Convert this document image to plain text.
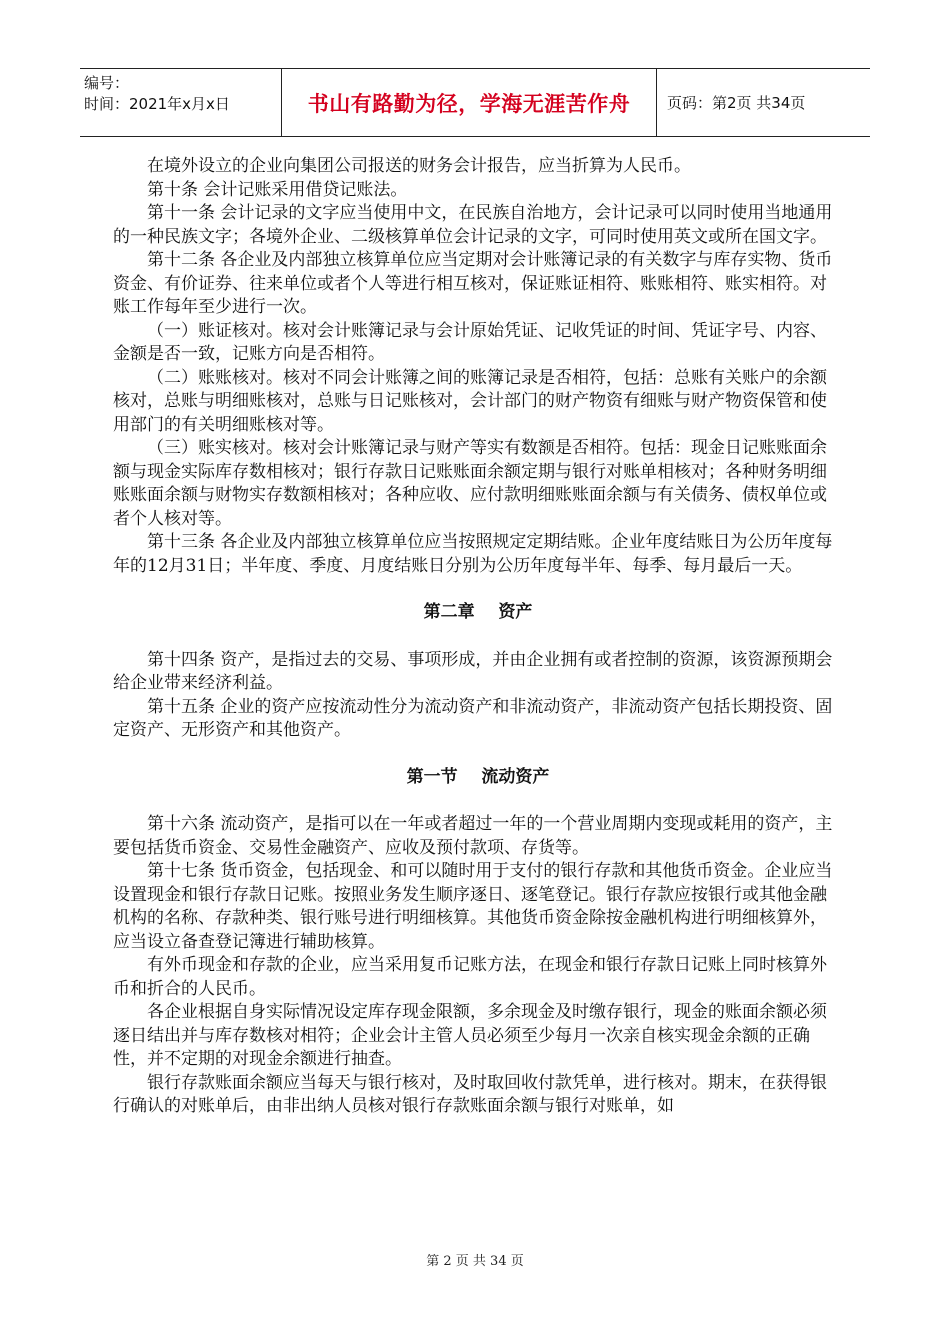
编号：
时间：2021年x月x日	书山有路勤为径，学海无涯苦作舟 页码：第2页 共34页

在境外设立的企业向集团公司报送的财务会计报告，应当折算为人民币。

第十条 会计记账采用借贷记账法。

第十一条 会计记录的文字应当使用中文，在民族自治地方，会计记录可以同时使用当地通用的一种民族文字；各境外企业、二级核算单位会计记录的文字，可同时使用英文或所在国文字。

第十二条 各企业及内部独立核算单位应当定期对会计账簿记录的有关数字与库存实物、货币资金、有价证券、往来单位或者个人等进行相互核对，保证账证相符、账账相符、账实相符。对账工作每年至少进行一次。

（一）账证核对。核对会计账簿记录与会计原始凭证、记收凭证的时间、凭证字号、内容、金额是否一致，记账方向是否相符。

（二）账账核对。核对不同会计账簿之间的账簿记录是否相符，包括：总账有关账户的余额核对，总账与明细账核对，总账与日记账核对，会计部门的财产物资有细账与财产物资保管和使用部门的有关明细账核对等。

（三）账实核对。核对会计账簿记录与财产等实有数额是否相符。包括：现金日记账账面余额与现金实际库存数相核对；银行存款日记账账面余额定期与银行对账单相核对；各种财务明细账账面余额与财物实存数额相核对；各种应收、应付款明细账账面余额与有关债务、债权单位或者个人核对等。

第十三条 各企业及内部独立核算单位应当按照规定定期结账。企业年度结账日为公历年度每年的12月31日；半年度、季度、月度结账日分别为公历年度每半年、每季、每月最后一天。

第二章    资产

第十四条 资产，是指过去的交易、事项形成，并由企业拥有或者控制的资源，该资源预期会给企业带来经济利益。

第十五条 企业的资产应按流动性分为流动资产和非流动资产，非流动资产包括长期投资、固定资产、无形资产和其他资产。

第一节    流动资产

第十六条 流动资产，是指可以在一年或者超过一年的一个营业周期内变现或耗用的资产，主要包括货币资金、交易性金融资产、应收及预付款项、存货等。

第十七条 货币资金，包括现金、和可以随时用于支付的银行存款和其他货币资金。企业应当设置现金和银行存款日记账。按照业务发生顺序逐日、逐笔登记。银行存款应按银行或其他金融机构的名称、存款种类、银行账号进行明细核算。其他货币资金除按金融机构进行明细核算外，应当设立备查登记簿进行辅助核算。

有外币现金和存款的企业，应当采用复币记账方法，在现金和银行存款日记账上同时核算外币和折合的人民币。

各企业根据自身实际情况设定库存现金限额，多余现金及时缴存银行，现金的账面余额必须逐日结出并与库存数核对相符；企业会计主管人员必须至少每月一次亲自核实现金余额的正确性，并不定期的对现金余额进行抽查。

银行存款账面余额应当每天与银行核对，及时取回收付款凭单，进行核对。期末，在获得银行确认的对账单后，由非出纳人员核对银行存款账面余额与银行对账单，如

第 2 页 共 34 页
